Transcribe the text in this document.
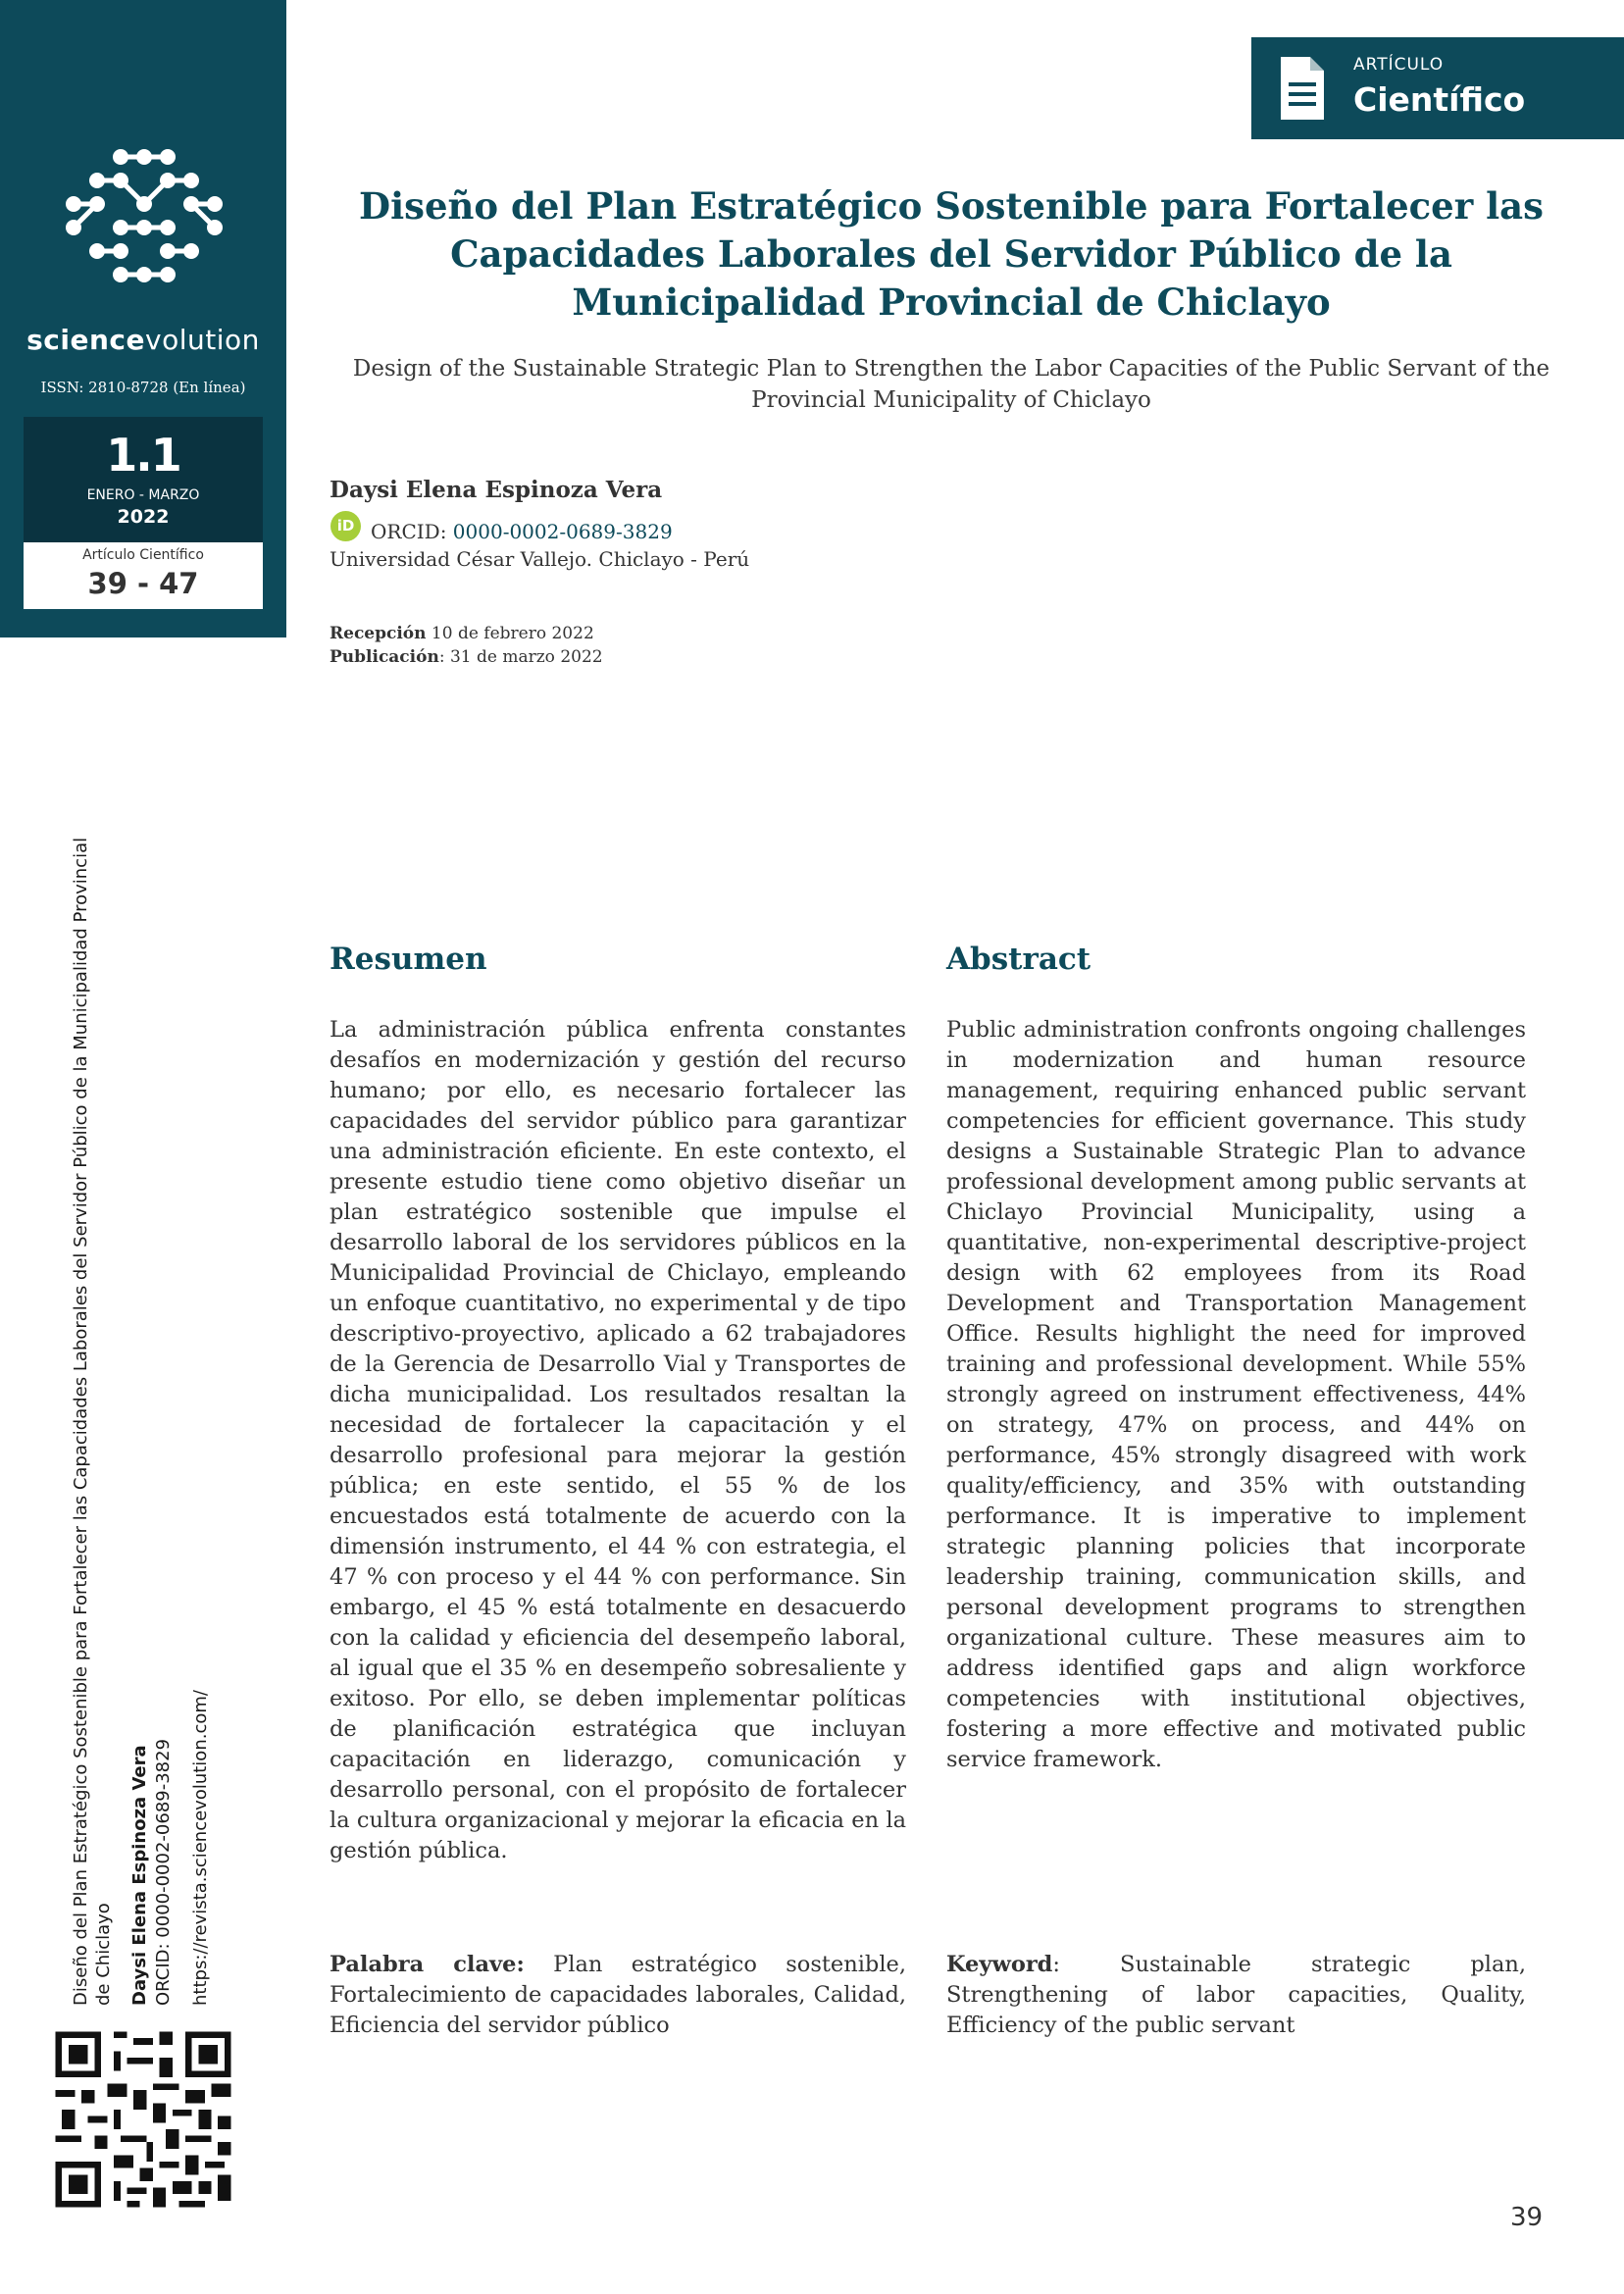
sciencevolution
ISSN: 2810-8728 (En línea)
1.1
ENERO - MARZO
2022
Artículo Científico
39 - 47
Diseño del Plan Estratégico Sostenible para Fortalecer las Capacidades Laborales del Servidor Público de la Municipalidad Provincial de Chiclayo Daysi Elena Espinoza Vera ORCID: 0000-0002-0689-3829 https://revista.sciencevolution.com/
ARTÍCULO
Científico
Diseño del Plan Estratégico Sostenible para Fortalecer las Capacidades Laborales del Servidor Público de la Municipalidad Provincial de Chiclayo
Design of the Sustainable Strategic Plan to Strengthen the Labor Capacities of the Public Servant of the Provincial Municipality of Chiclayo
Daysi Elena Espinoza Vera
iD ORCID: 0000-0002-0689-3829
Universidad César Vallejo. Chiclayo - Perú
Recepción 10 de febrero 2022
Publicación: 31 de marzo 2022
Resumen

La administración pública enfrenta constantes desafíos en modernización y gestión del recurso humano; por ello, es necesario fortalecer las capacidades del servidor público para garantizar una administración eficiente. En este contexto, el presente estudio tiene como objetivo diseñar un plan estratégico sostenible que impulse el desarrollo laboral de los servidores públicos en la Municipalidad Provincial de Chiclayo, empleando un enfoque cuantitativo, no experimental y de tipo descriptivo-proyectivo, aplicado a 62 trabajadores de la Gerencia de Desarrollo Vial y Transportes de dicha municipalidad. Los resultados resaltan la necesidad de fortalecer la capacitación y el desarrollo profesional para mejorar la gestión pública; en este sentido, el 55 % de los encuestados está totalmente de acuerdo con la dimensión instrumento, el 44 % con estrategia, el 47 % con proceso y el 44 % con performance. Sin embargo, el 45 % está totalmente en desacuerdo con la calidad y eficiencia del desempeño laboral, al igual que el 35 % en desempeño sobresaliente y exitoso. Por ello, se deben implementar políticas de planificación estratégica que incluyan capacitación en liderazgo, comunicación y desarrollo personal, con el propósito de fortalecer la cultura organizacional y mejorar la eficacia en la gestión pública.

Palabra clave: Plan estratégico sostenible, Fortalecimiento de capacidades laborales, Calidad, Eficiencia del servidor público

Abstract

Public administration confronts ongoing challenges in modernization and human resource management, requiring enhanced public servant competencies for efficient governance. This study designs a Sustainable Strategic Plan to advance professional development among public servants at Chiclayo Provincial Municipality, using a quantitative, non-experimental descriptive-project design with 62 employees from its Road Development and Transportation Management Office. Results highlight the need for improved training and professional development. While 55% strongly agreed on instrument effectiveness, 44% on strategy, 47% on process, and 44% on performance, 45% strongly disagreed with work quality/efficiency, and 35% with outstanding performance. It is imperative to implement strategic planning policies that incorporate leadership training, communication skills, and personal development programs to strengthen organizational culture. These measures aim to address identified gaps and align workforce competencies with institutional objectives, fostering a more effective and motivated public service framework.

Keyword: Sustainable strategic plan, Strengthening of labor capacities, Quality, Efficiency of the public servant

39
